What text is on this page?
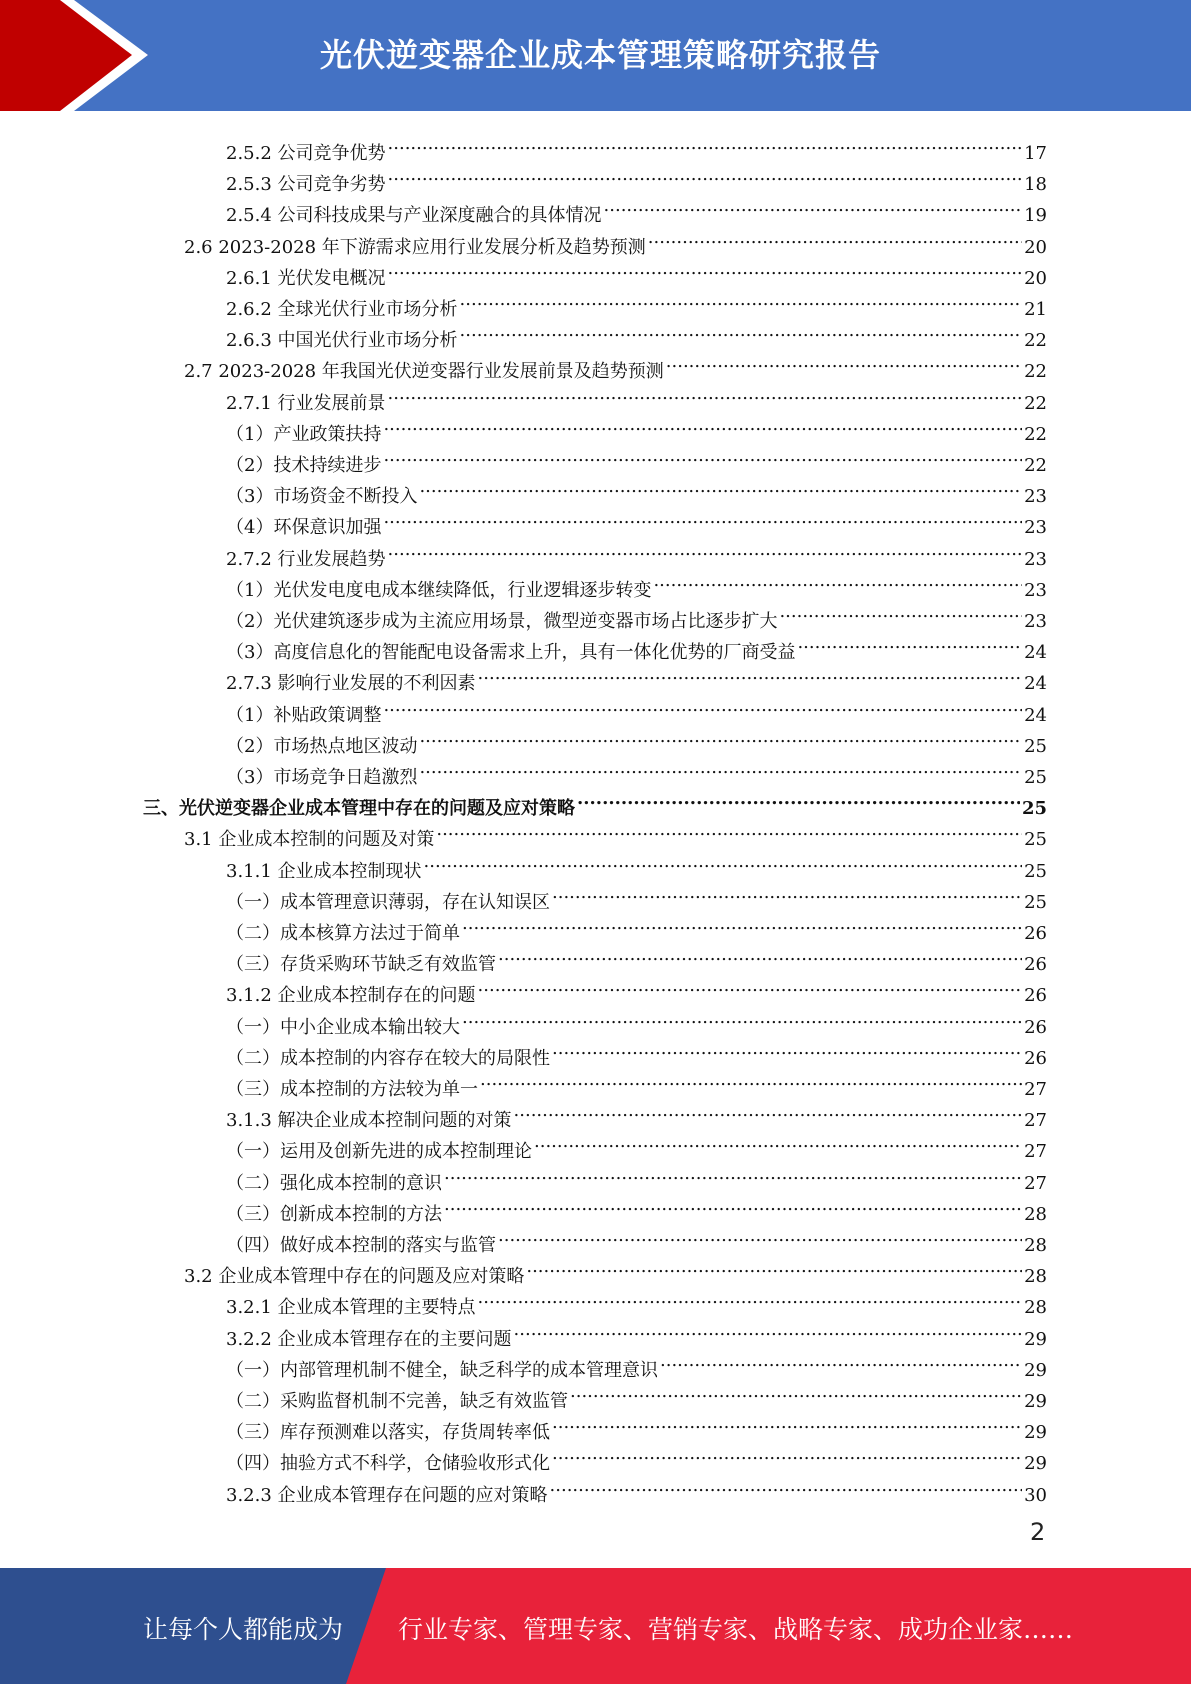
光伏逆变器企业成本管理策略研究报告
2.5.2 公司竞争优势 .....	17
2.5.3 公司竞争劣势 .....	18
2.5.4 公司科技成果与产业深度融合的具体情况 .....	19
2.6 2023-2028 年下游需求应用行业发展分析及趋势预测 .....	20
2.6.1 光伏发电概况 .....	20
2.6.2 全球光伏行业市场分析 .....	21
2.6.3 中国光伏行业市场分析 .....	22
2.7 2023-2028 年我国光伏逆变器行业发展前景及趋势预测 .....	22
2.7.1 行业发展前景 .....	22
（1）产业政策扶持 .....	22
（2）技术持续进步 .....	22
（3）市场资金不断投入 .....	23
（4）环保意识加强 .....	23
2.7.2 行业发展趋势 .....	23
（1）光伏发电度电成本继续降低，行业逻辑逐步转变 .....	23
（2）光伏建筑逐步成为主流应用场景，微型逆变器市场占比逐步扩大 .....	23
（3）高度信息化的智能配电设备需求上升，具有一体化优势的厂商受益 .....	24
2.7.3 影响行业发展的不利因素 .....	24
（1）补贴政策调整 .....	24
（2）市场热点地区波动 .....	25
（3）市场竞争日趋激烈 .....	25
三、光伏逆变器企业成本管理中存在的问题及应对策略 .....	25
3.1 企业成本控制的问题及对策 .....	25
3.1.1 企业成本控制现状 .....	25
（一）成本管理意识薄弱，存在认知误区 .....	25
（二）成本核算方法过于简单 .....	26
（三）存货采购环节缺乏有效监管 .....	26
3.1.2 企业成本控制存在的问题 .....	26
（一）中小企业成本输出较大 .....	26
（二）成本控制的内容存在较大的局限性 .....	26
（三）成本控制的方法较为单一 .....	27
3.1.3 解决企业成本控制问题的对策 .....	27
（一）运用及创新先进的成本控制理论 .....	27
（二）强化成本控制的意识 .....	27
（三）创新成本控制的方法 .....	28
（四）做好成本控制的落实与监管 .....	28
3.2 企业成本管理中存在的问题及应对策略 .....	28
3.2.1 企业成本管理的主要特点 .....	28
3.2.2 企业成本管理存在的主要问题 .....	29
（一）内部管理机制不健全，缺乏科学的成本管理意识 .....	29
（二）采购监督机制不完善，缺乏有效监管 .....	29
（三）库存预测难以落实，存货周转率低 .....	29
（四）抽验方式不科学，仓储验收形式化 .....	29
3.2.3 企业成本管理存在问题的应对策略 .....	30
2
让每个人都能成为 行业专家、管理专家、营销专家、战略专家、成功企业家……
